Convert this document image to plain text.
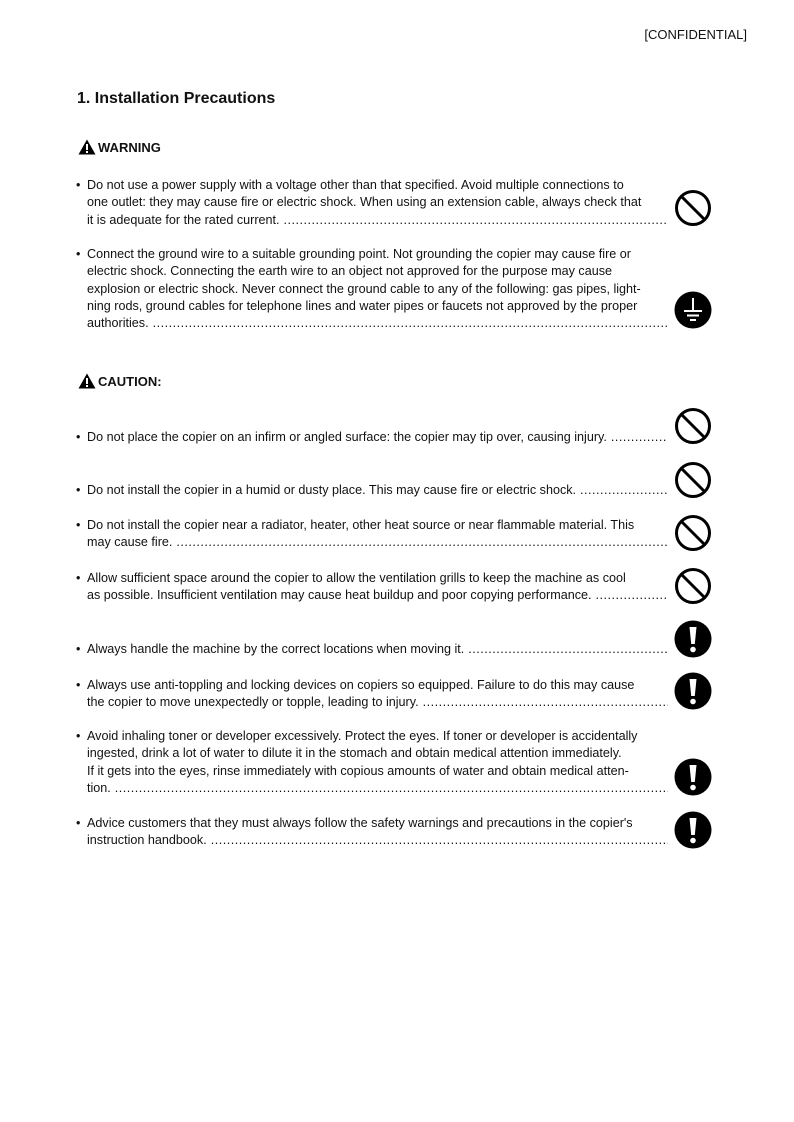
[CONFIDENTIAL]
1. Installation Precautions
WARNING
CAUTION:
• Do not use a power supply with a voltage other than that specified. Avoid multiple connections to
one outlet: they may cause fire or electric shock. When using an extension cable, always check that
it is adequate for the rated current. .....
• Connect the ground wire to a suitable grounding point. Not grounding the copier may cause fire or
electric shock. Connecting the earth wire to an object not approved for the purpose may cause
explosion or electric shock. Never connect the ground cable to any of the following: gas pipes, light-
ning rods, ground cables for telephone lines and water pipes or faucets not approved by the proper
authorities. .....
• Do not place the copier on an infirm or angled surface: the copier may tip over, causing injury. .....
• Do not install the copier in a humid or dusty place. This may cause fire or electric shock. .....
• Do not install the copier near a radiator, heater, other heat source or near flammable material. This
may cause fire. .....
• Allow sufficient space around the copier to allow the ventilation grills to keep the machine as cool
as possible. Insufficient ventilation may cause heat buildup and poor copying performance. .....
• Always handle the machine by the correct locations when moving it. .....
• Always use anti-toppling and locking devices on copiers so equipped. Failure to do this may cause
the copier to move unexpectedly or topple, leading to injury. .....
• Avoid inhaling toner or developer excessively. Protect the eyes. If toner or developer is accidentally
ingested, drink a lot of water to dilute it in the stomach and obtain medical attention immediately.
If it gets into the eyes, rinse immediately with copious amounts of water and obtain medical atten-
tion. .....
• Advice customers that they must always follow the safety warnings and precautions in the copier's
instruction handbook. .....
